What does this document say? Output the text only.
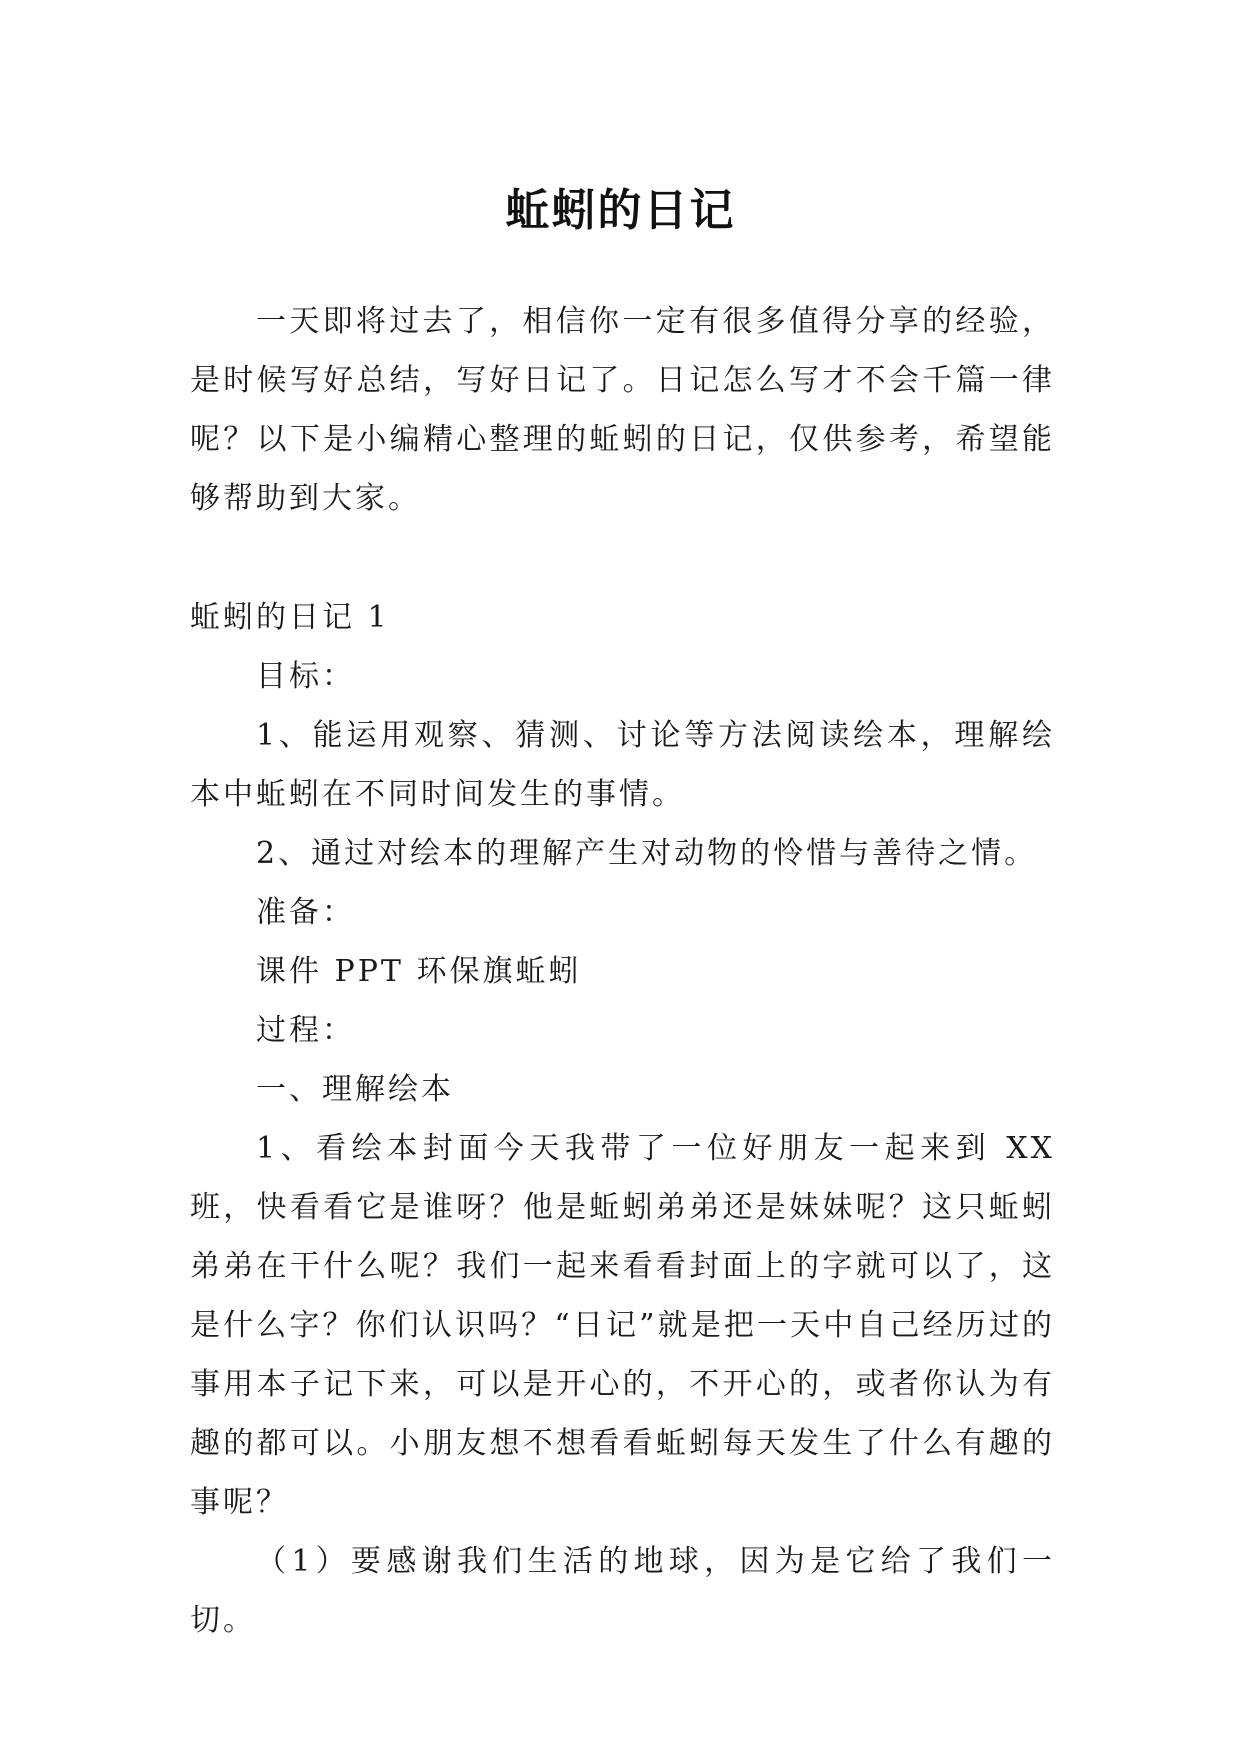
蚯蚓的日记

一天即将过去了，相信你一定有很多值得分享的经验，是时候写好总结，写好日记了。日记怎么写才不会千篇一律呢？以下是小编精心整理的蚯蚓的日记，仅供参考，希望能够帮助到大家。

蚯蚓的日记 1

目标：

1、能运用观察、猜测、讨论等方法阅读绘本，理解绘本中蚯蚓在不同时间发生的事情。

2、通过对绘本的理解产生对动物的怜惜与善待之情。

准备：

课件 PPT 环保旗蚯蚓

过程：

一、理解绘本

1、看绘本封面今天我带了一位好朋友一起来到 XX 班，快看看它是谁呀？他是蚯蚓弟弟还是妹妹呢？这只蚯蚓弟弟在干什么呢？我们一起来看看封面上的字就可以了，这是什么字？你们认识吗？“日记”就是把一天中自己经历过的事用本子记下来，可以是开心的，不开心的，或者你认为有趣的都可以。小朋友想不想看看蚯蚓每天发生了什么有趣的事呢？

（1）要感谢我们生活的地球，因为是它给了我们一切。
